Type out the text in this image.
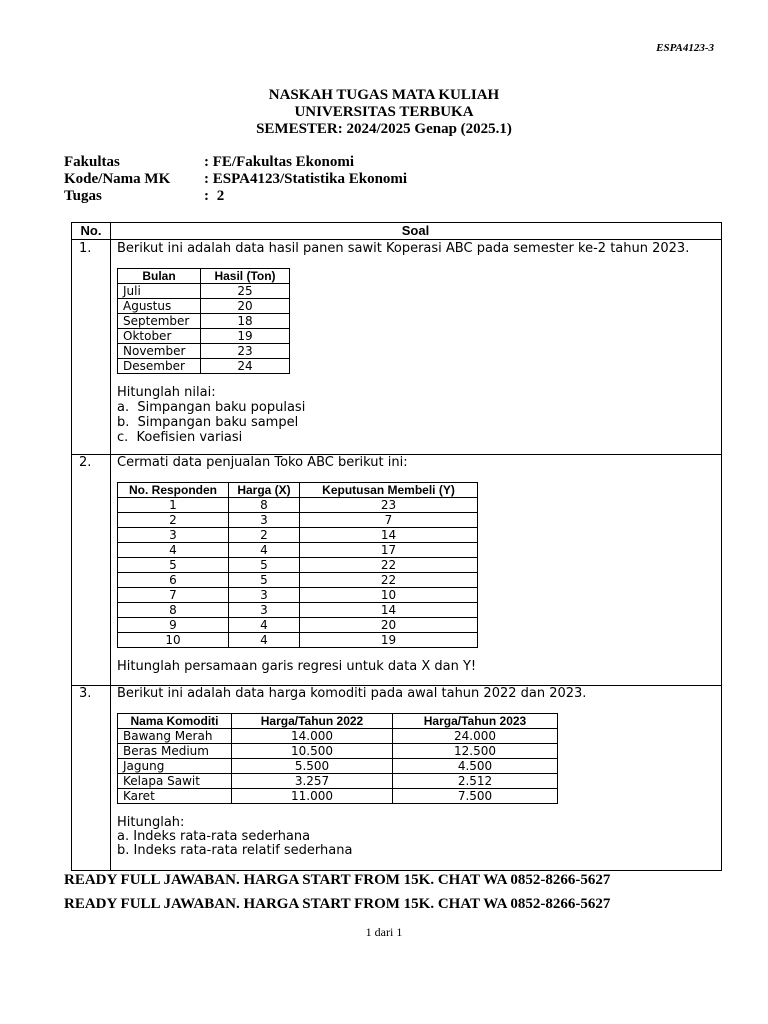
ESPA4123-3
NASKAH TUGAS MATA KULIAH
UNIVERSITAS TERBUKA
SEMESTER: 2024/2025 Genap (2025.1)
Fakultas	: FE/Fakultas Ekonomi
Kode/Nama MK	: ESPA4123/Statistika Ekonomi
Tugas	: 2
No.	Soal
1. Berikut ini adalah data hasil panen sawit Koperasi ABC pada semester ke-2 tahun 2023.
Bulan	Hasil (Ton)
Juli	25
Agustus	20
September	18
Oktober	19
November	23
Desember	24
Hitunglah nilai:
a.  Simpangan baku populasi
b.  Simpangan baku sampel
c.  Koefisien variasi
2. Cermati data penjualan Toko ABC berikut ini:
No. Responden	Harga (X)	Keputusan Membeli (Y)
1	8	23
2	3	7
3	2	14
4	4	17
5	5	22
6	5	22
7	3	10
8	3	14
9	4	20
10	4	19
Hitunglah persamaan garis regresi untuk data X dan Y!
3. Berikut ini adalah data harga komoditi pada awal tahun 2022 dan 2023.
Nama Komoditi	Harga/Tahun 2022	Harga/Tahun 2023
Bawang Merah	14.000	24.000
Beras Medium	10.500	12.500
Jagung	5.500	4.500
Kelapa Sawit	3.257	2.512
Karet	11.000	7.500
Hitunglah:
a. Indeks rata-rata sederhana
b. Indeks rata-rata relatif sederhana
READY FULL JAWABAN. HARGA START FROM 15K. CHAT WA 0852-8266-5627
READY FULL JAWABAN. HARGA START FROM 15K. CHAT WA 0852-8266-5627
1 dari 1
